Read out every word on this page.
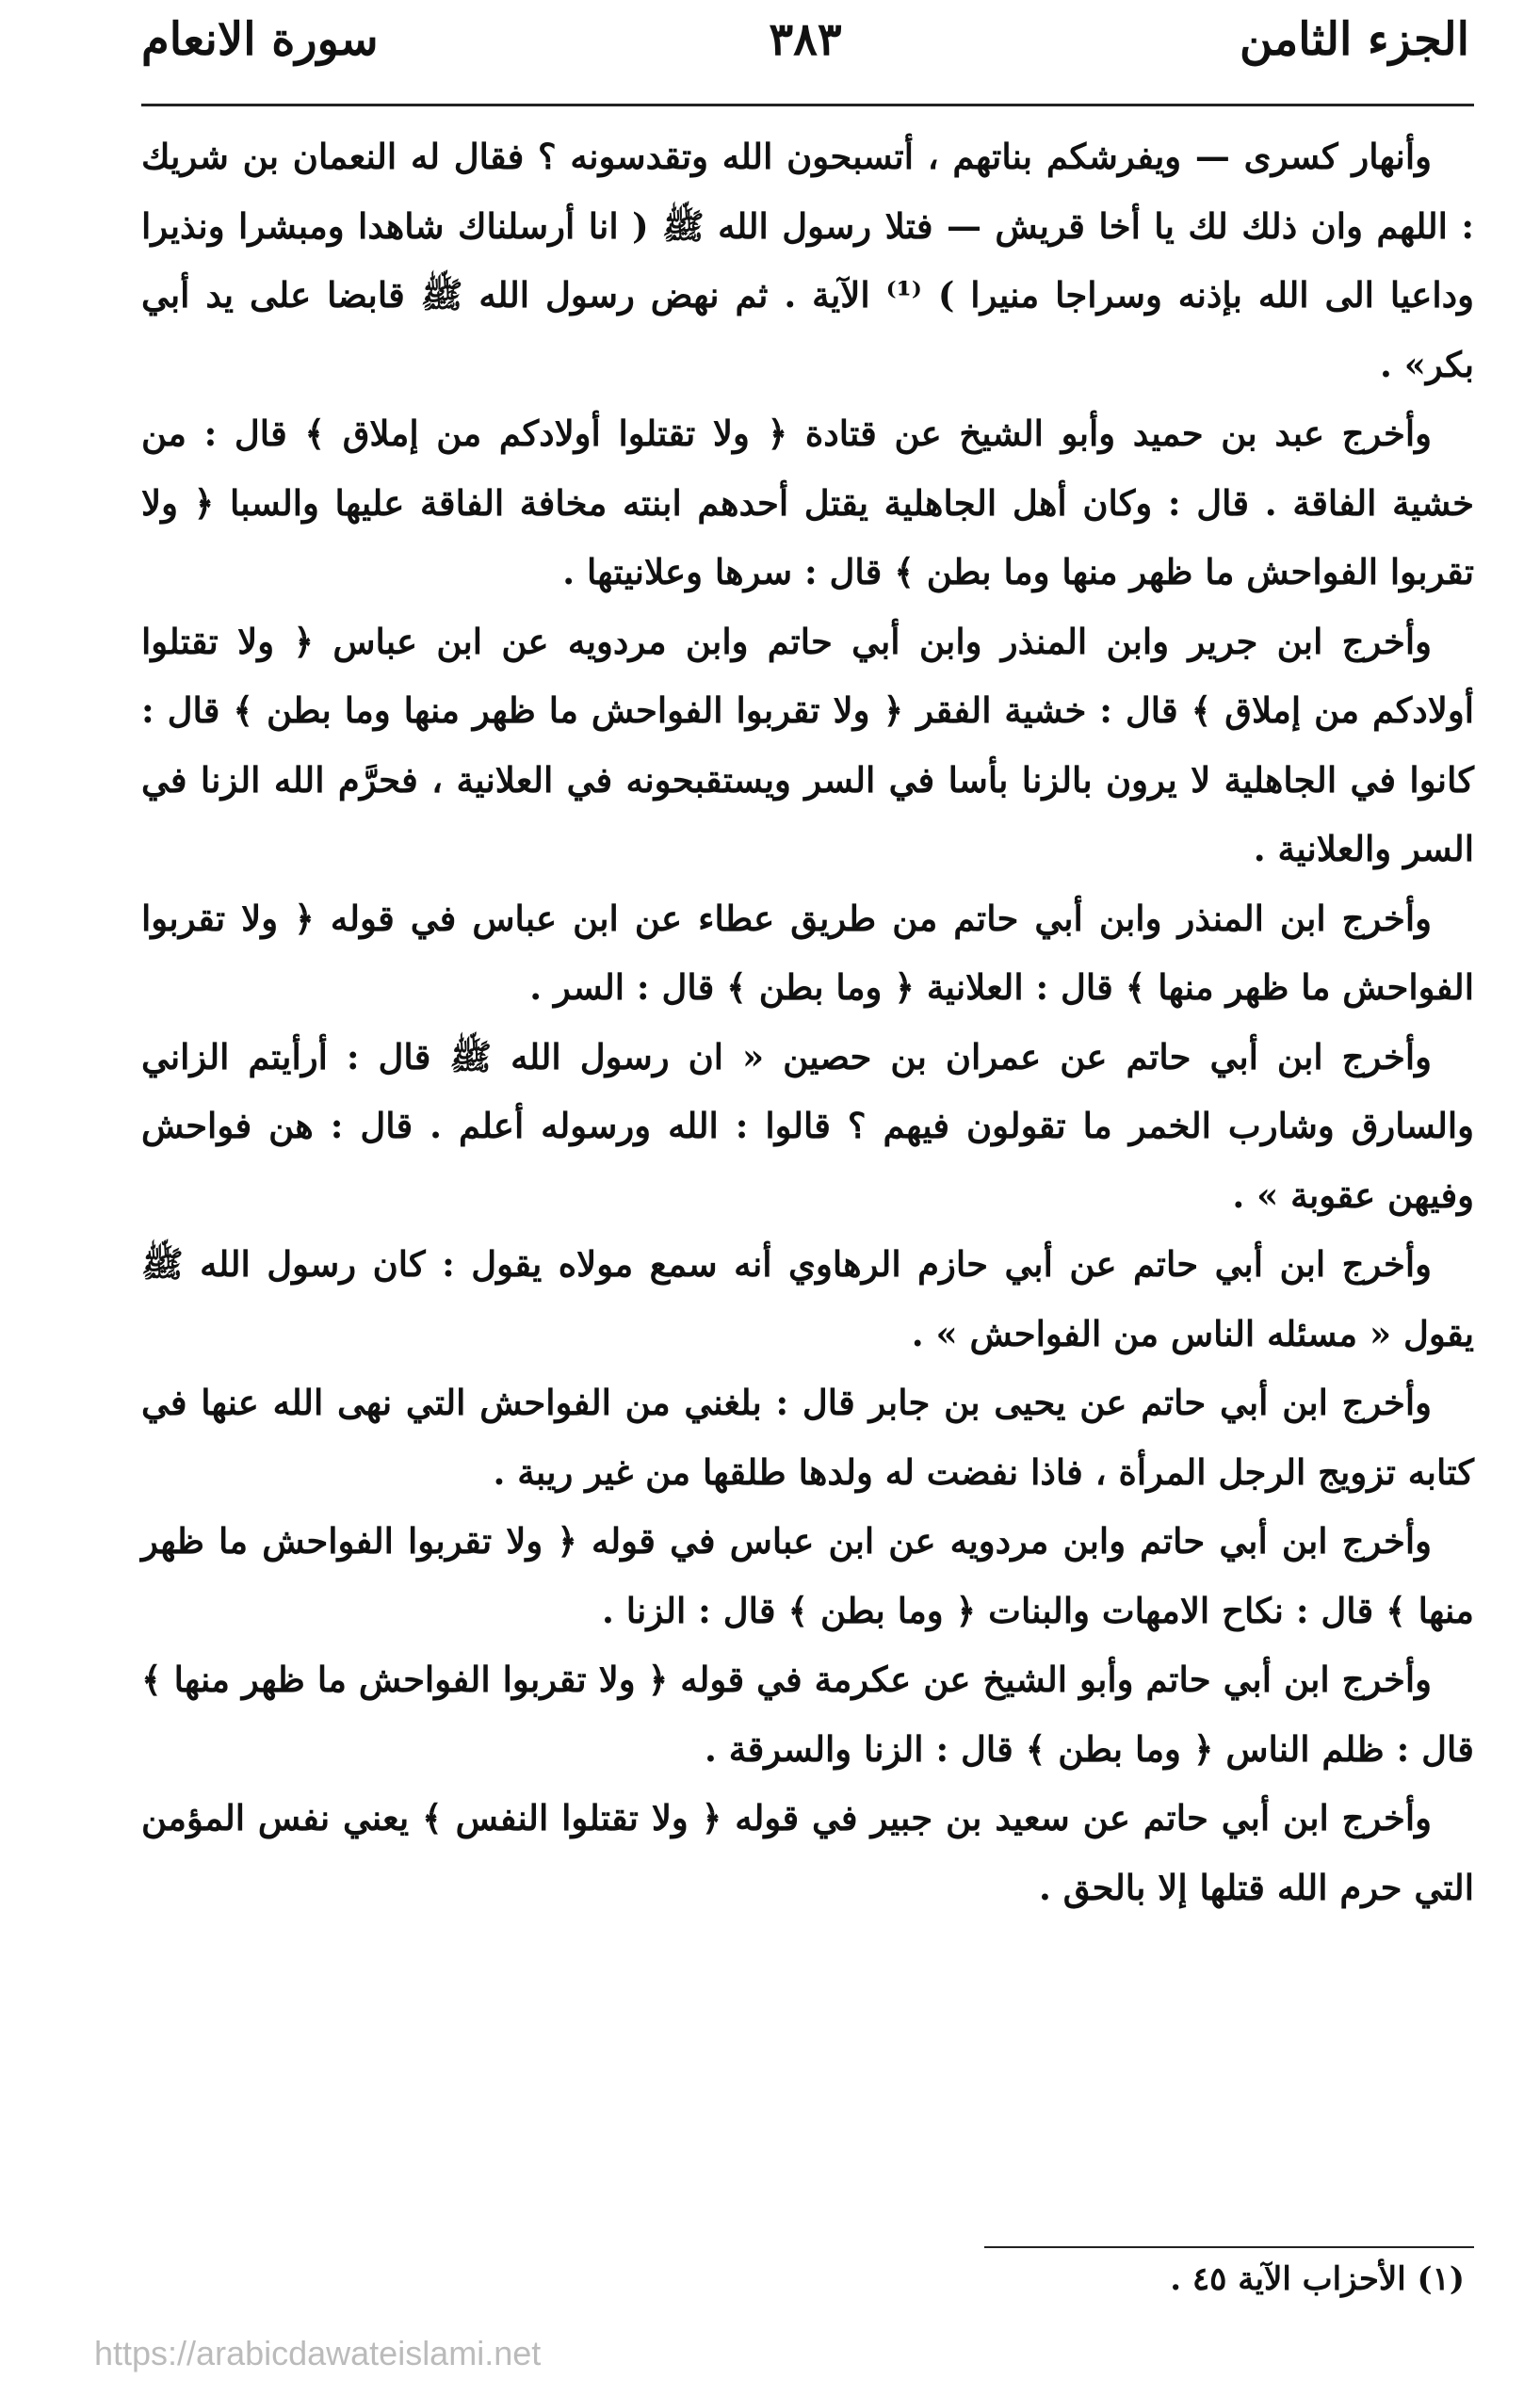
الجزء الثامن
٣٨٣
سورة الانعام

وأنهار كسرى — ويفرشكم بناتهم ، أتسبحون الله وتقدسونه ؟ فقال له النعمان بن شريك : اللهم وان ذلك لك يا أخا قريش — فتلا رسول الله ﷺ ( انا أرسلناك شاهدا ومبشرا ونذيرا وداعيا الى الله بإذنه وسراجا منيرا ) ⁽¹⁾ الآية . ثم نهض رسول الله ﷺ قابضا على يد أبي بكر» .

وأخرج عبد بن حميد وأبو الشيخ عن قتادة ﴿ ولا تقتلوا أولادكم من إملاق ﴾ قال : من خشية الفاقة . قال : وكان أهل الجاهلية يقتل أحدهم ابنته مخافة الفاقة عليها والسبا ﴿ ولا تقربوا الفواحش ما ظهر منها وما بطن ﴾ قال : سرها وعلانيتها .

وأخرج ابن جرير وابن المنذر وابن أبي حاتم وابن مردويه عن ابن عباس ﴿ ولا تقتلوا أولادكم من إملاق ﴾ قال : خشية الفقر ﴿ ولا تقربوا الفواحش ما ظهر منها وما بطن ﴾ قال : كانوا في الجاهلية لا يرون بالزنا بأسا في السر ويستقبحونه في العلانية ، فحرَّم الله الزنا في السر والعلانية .

وأخرج ابن المنذر وابن أبي حاتم من طريق عطاء عن ابن عباس في قوله ﴿ ولا تقربوا الفواحش ما ظهر منها ﴾ قال : العلانية ﴿ وما بطن ﴾ قال : السر .

وأخرج ابن أبي حاتم عن عمران بن حصين « ان رسول الله ﷺ قال : أرأيتم الزاني والسارق وشارب الخمر ما تقولون فيهم ؟ قالوا : الله ورسوله أعلم . قال : هن فواحش وفيهن عقوبة » .

وأخرج ابن أبي حاتم عن أبي حازم الرهاوي أنه سمع مولاه يقول : كان رسول الله ﷺ يقول « مسئله الناس من الفواحش » .

وأخرج ابن أبي حاتم عن يحيى بن جابر قال : بلغني من الفواحش التي نهى الله عنها في كتابه تزويج الرجل المرأة ، فاذا نفضت له ولدها طلقها من غير ريبة .

وأخرج ابن أبي حاتم وابن مردويه عن ابن عباس في قوله ﴿ ولا تقربوا الفواحش ما ظهر منها ﴾ قال : نكاح الامهات والبنات ﴿ وما بطن ﴾ قال : الزنا .

وأخرج ابن أبي حاتم وأبو الشيخ عن عكرمة في قوله ﴿ ولا تقربوا الفواحش ما ظهر منها ﴾ قال : ظلم الناس ﴿ وما بطن ﴾ قال : الزنا والسرقة .

وأخرج ابن أبي حاتم عن سعيد بن جبير في قوله ﴿ ولا تقتلوا النفس ﴾ يعني نفس المؤمن التي حرم الله قتلها إلا بالحق .

(١) الأحزاب الآية ٤٥ .
https://arabicdawateislami.net
